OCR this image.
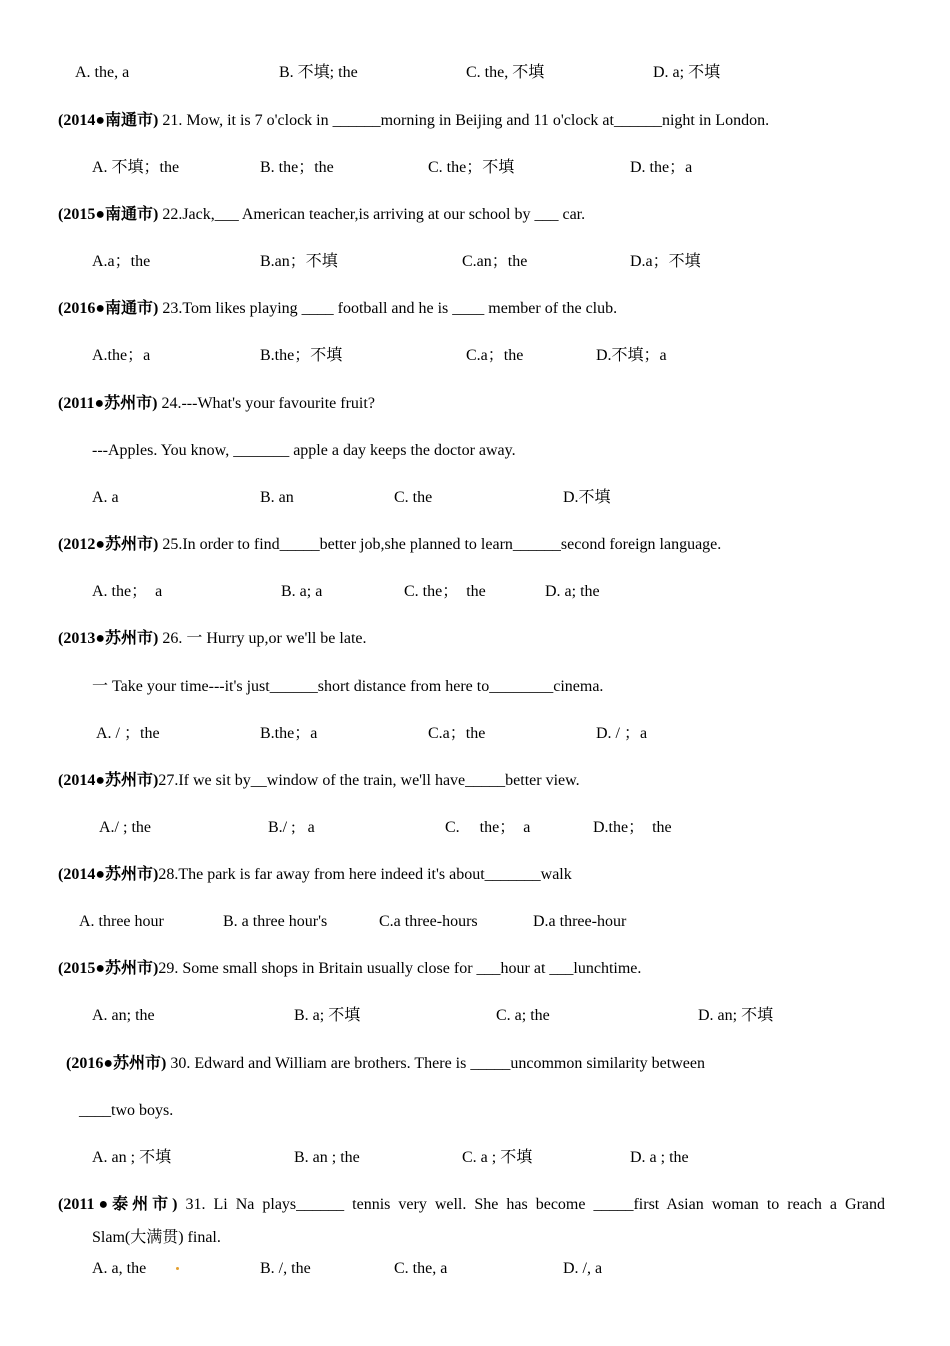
A. the, a	B. 不填; the	C. the, 不填	D. a; 不填
(2014●南通市) 21. Mow, it is 7 o'clock in ______morning in Beijing and 11 o'clock at______night in London.
A. 不填；the	B. the；the	C. the；不填	D. the；a
(2015●南通市) 22.Jack,___ American teacher,is arriving at our school by ___ car.
A.a；the	B.an；不填	C.an；the	D.a；不填
(2016●南通市) 23.Tom likes playing ____ football and he is ____ member of the club.
A.the；a	B.the；不填	C.a；the	D.不填；a
(2011●苏州市) 24.---What's your favourite fruit?
---Apples. You know, _______ apple a day keeps the doctor away.
A. a	B. an	C. the	D.不填
(2012●苏州市) 25.In order to find_____better job,she planned to learn______second foreign language.
A. the；  a	B. a; a	C. the；  the	D. a; the
(2013●苏州市) 26. 一 Hurry up,or we'll be late.
一 Take your time---it's just______short distance from here to________cinema.
A. / ；the	B.the；a	C.a；the	D. / ；a
(2014●苏州市)27.If we sit by__window of the train, we'll have_____better view.
A./ ; the	B./ ;   a	C.     the；  a	D.the；  the
(2014●苏州市)28.The park is far away from here indeed it's about_______walk
A. three hour	B. a three hour's	C.a three-hours	D.a three-hour
(2015●苏州市)29. Some small shops in Britain usually close for ___hour at ___lunchtime.
A. an; the	B. a; 不填	C. a; the	D. an; 不填
(2016●苏州市) 30. Edward and William are brothers. There is _____uncommon similarity between
____two boys.
A. an ; 不填	B. an ; the	C. a ; 不填	D. a ; the
(2011●泰州市) 31. Li Na plays______ tennis very well. She has become _____first Asian woman to reach a Grand
Slam(大满贯) final.
A. a, the	B. /, the	C. the, a	D. /, a
